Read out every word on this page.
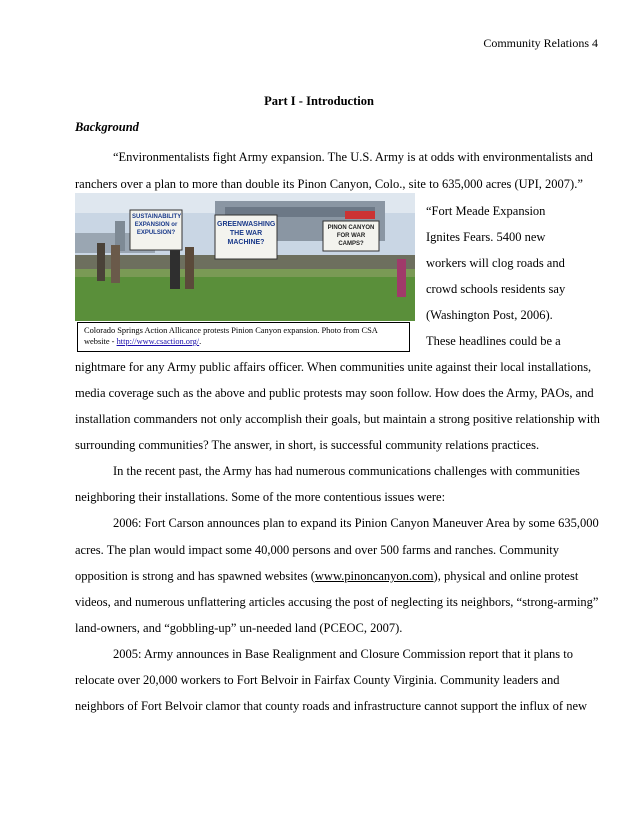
Community Relations 4
Part I - Introduction
Background
“Environmentalists fight Army expansion. The U.S. Army is at odds with environmentalists and
ranchers over a plan to more than double its Pinon Canyon, Colo., site to 635,000 acres (UPI, 2007).”
SUSTAINABILITY EXPANSION or EXPULSION?
GREENWASHING THE WAR MACHINE?
PINON CANYON FOR WAR CAMPS?
Colorado Springs Action Allicance protests Pinion Canyon expansion. Photo from CSA
website - http://www.csaction.org/.
“Fort Meade Expansion
Ignites Fears. 5400 new
workers will clog roads and
crowd schools residents say
(Washington Post, 2006).
These headlines could be a
nightmare for any Army public affairs officer. When communities unite against their local installations,
media coverage such as the above and public protests may soon follow. How does the Army, PAOs, and
installation commanders not only accomplish their goals, but maintain a strong positive relationship with
surrounding communities? The answer, in short, is successful community relations practices.
In the recent past, the Army has had numerous communications challenges with communities
neighboring their installations. Some of the more contentious issues were:
2006: Fort Carson announces plan to expand its Pinion Canyon Maneuver Area by some 635,000
acres. The plan would impact some 40,000 persons and over 500 farms and ranches. Community
opposition is strong and has spawned websites (www.pinoncanyon.com), physical and online protest
videos, and numerous unflattering articles accusing the post of neglecting its neighbors, “strong-arming”
land-owners, and “gobbling-up” un-needed land (PCEOC, 2007).
2005: Army announces in Base Realignment and Closure Commission report that it plans to
relocate over 20,000 workers to Fort Belvoir in Fairfax County Virginia. Community leaders and
neighbors of Fort Belvoir clamor that county roads and infrastructure cannot support the influx of new
